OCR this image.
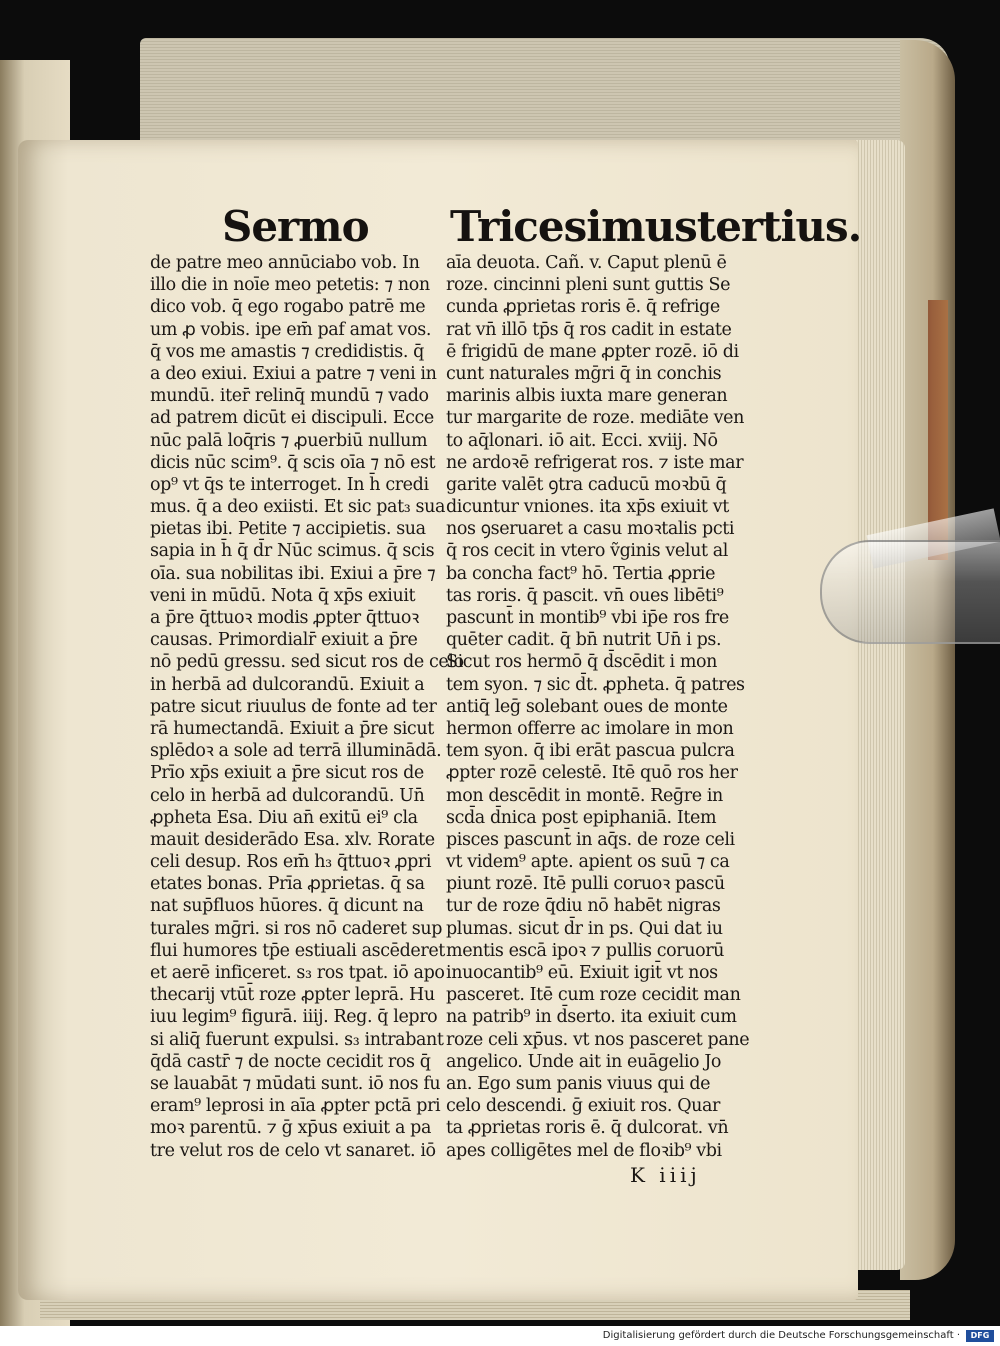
Sermo Tricesimustertius.
de patre meo annūciabo vob. In
illo die in noīe meo petetis: ⁊ non
dico vob. q̄ ego rogabo patrē me
um ꝓ vobis. ipe em̄ paf amat vos.
q̄ vos me amastis ⁊ credidistis. q̄
a deo exiui. Exiui a patre ⁊ veni in
mundū. iter̄ relinq̄ mundū ⁊ vado
ad patrem dicūt ei discipuli. Ecce
nūc palā loq̄ris ⁊ ꝓuerbiū nullum
dicis nūc scim⁹. q̄ scis oīa ⁊ nō est
op⁹ vt q̄s te interroget. In h̄ credi
mus. q̄ a deo exiisti. Et sic pat₃ sua
pietas ibi. Petite ⁊ accipietis. sua
sapia in h̄ q̄ d̄r Nūc scimus. q̄ scis
oīa. sua nobilitas ibi. Exiui a p̄re ⁊
veni in mūdū. Nota q̄ xp̄s exiuit
a p̄re q̄ttuoꝛ modis ꝓpter q̄ttuoꝛ
causas. Primordialr̄ exiuit a p̄re
nō pedū gressu. sed sicut ros de celo
in herbā ad dulcorandū. Exiuit a
patre sicut riuulus de fonte ad ter
rā humectandā. Exiuit a p̄re sicut
splēdoꝛ a sole ad terrā illuminādā.
Prīo xp̄s exiuit a p̄re sicut ros de
celo in herbā ad dulcorandū. Un̄
ꝓpheta Esa. Diu an̄ exitū ei⁹ cla
mauit desiderādo Esa. xlv. Rorate
celi desup. Ros em̄ h₃ q̄ttuoꝛ ꝓpri
etates bonas. Prīa ꝓprietas. q̄ sa
nat sup̄fluos hūores. q̄ dicunt na
turales mḡri. si ros nō caderet sup
flui humores tp̄e estiuali ascēderet
et aerē inficeret. s₃ ros tpat. iō apo
thecarij vtūt̄ roze ꝓpter leprā. Hu
iuu legim⁹ figurā. iiij. Reg. q̄ lepro
si aliq̄ fuerunt expulsi. s₃ intrabant
q̄dā castr̄ ⁊ de nocte cecidit ros q̄
se lauabāt ⁊ mūdati sunt. iō nos fu
eram⁹ leprosi in aīa ꝓpter pctā pri
moꝛ parentū. ⁊ ḡ xp̄us exiuit a pa
tre velut ros de celo vt sanaret. iō
aīa deuota. Cañ. v. Caput plenū ē
roze. cincinni pleni sunt guttis Se
cunda ꝓprietas roris ē. q̄ refrige
rat vn̄ illō tp̄s q̄ ros cadit in estate
ē frigidū de mane ꝓpter rozē. iō di
cunt naturales mḡri q̄ in conchis
marinis albis iuxta mare generan
tur margarite de roze. mediāte ven
to aq̄lonari. iō ait. Ecci. xviij. Nō
ne ardoꝛē refrigerat ros. ⁊ iste mar
garite valēt ꝯtra caducū moꝛbū q̄
dicuntur vniones. ita xp̄s exiuit vt
nos ꝯseruaret a casu moꝛtalis pcti
q̄ ros cecit in vtero ṽginis velut al
ba concha fact⁹ hō. Tertia ꝓprie
tas roris. q̄ pascit. vn̄ oues libēti⁹
pascunt̄ in montib⁹ vbi ip̄e ros fre
quēter cadit. q̄ bn̄ nutrit Un̄ i ps.
Sicut ros hermō q̄ d̄scēdit i mon
tem syon. ⁊ sic d̄t. ꝓpheta. q̄ patres
antiq̄ leḡ solebant oues de monte
hermon offerre ac imolare in mon
tem syon. q̄ ibi erāt pascua pulcra
ꝓpter rozē celestē. Itē quō ros her
mon descēdit in montē. Reḡre in
scd̄a d̄nica post epiphaniā. Item
pisces pascunt̄ in aq̄s. de roze celi
vt videm⁹ apte. apient os suū ⁊ ca
piunt rozē. Itē pulli coruoꝛ pascū
tur de roze q̄diu nō habēt nigras
plumas. sicut d̄r in ps. Qui dat iu
mentis escā ipoꝛ ⁊ pullis coruorū
inuocantib⁹ eū. Exiuit igit̄ vt nos
pasceret. Itē cum roze cecidit man
na patrib⁹ in d̄serto. ita exiuit cum
roze celi xp̄us. vt nos pasceret pane
angelico. Unde ait in euāgelio Jo
an. Ego sum panis viuus qui de
celo descendi. ḡ exiuit ros. Quar
ta ꝓprietas roris ē. q̄ dulcorat. vn̄
apes colligētes mel de floꝛib⁹ vbi
K iiij
Digitalisierung gefördert durch die Deutsche Forschungsgemeinschaft ·	DFG
